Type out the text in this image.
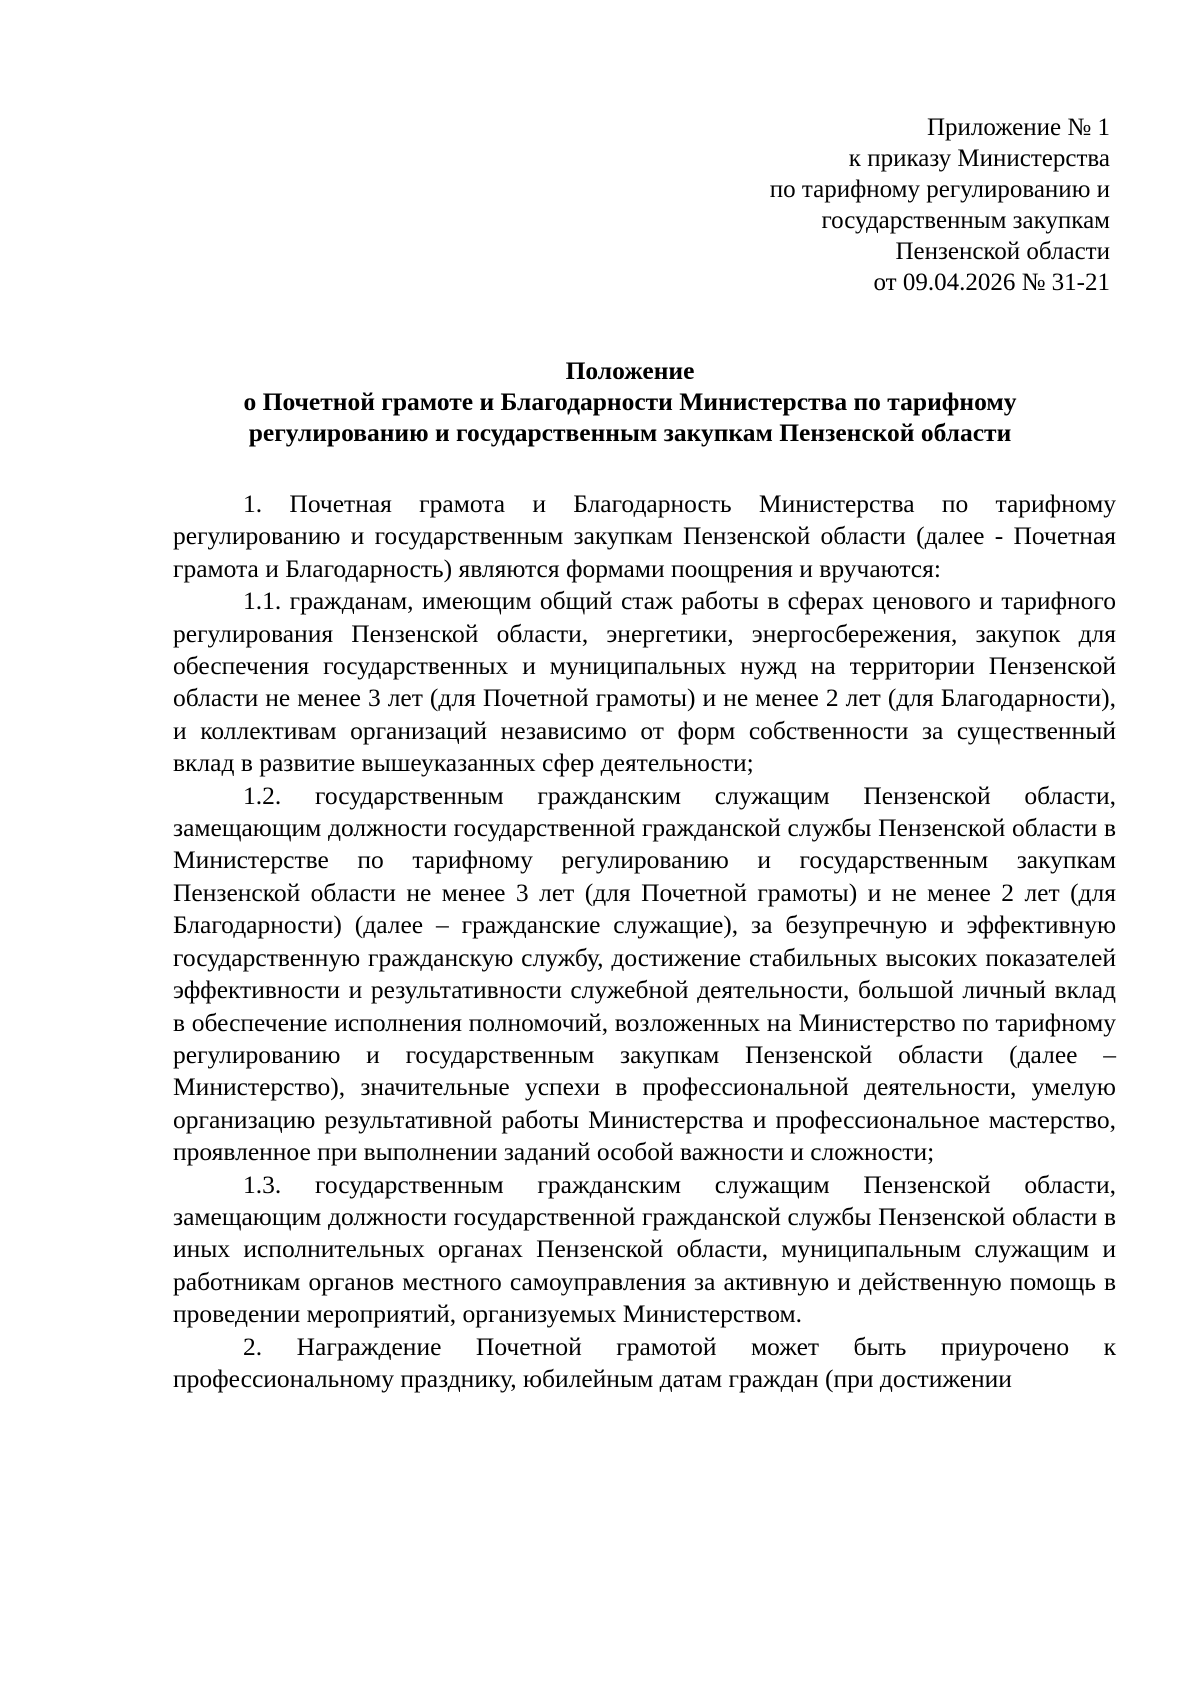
Приложение № 1
к приказу Министерства
по тарифному регулированию и
государственным закупкам
Пензенской области
от 09.04.2026 № 31-21
Положение
о Почетной грамоте и Благодарности Министерства по тарифному
регулированию и государственным закупкам Пензенской области

1. Почетная грамота и Благодарность Министерства по тарифному регулированию и государственным закупкам Пензенской области (далее - Почетная грамота и Благодарность) являются формами поощрения и вручаются:

1.1. гражданам, имеющим общий стаж работы в сферах ценового и тарифного регулирования Пензенской области, энергетики, энергосбережения, закупок для обеспечения государственных и муниципальных нужд на территории Пензенской области не менее 3 лет (для Почетной грамоты) и не менее 2 лет (для Благодарности), и коллективам организаций независимо от форм собственности за существенный вклад в развитие вышеуказанных сфер деятельности;

1.2. государственным гражданским служащим Пензенской области, замещающим должности государственной гражданской службы Пензенской области в Министерстве по тарифному регулированию и государственным закупкам Пензенской области не менее 3 лет (для Почетной грамоты) и не менее 2 лет (для Благодарности) (далее – гражданские служащие), за безупречную и эффективную государственную гражданскую службу, достижение стабильных высоких показателей эффективности и результативности служебной деятельности, большой личный вклад в обеспечение исполнения полномочий, возложенных на Министерство по тарифному регулированию и государственным закупкам Пензенской области (далее – Министерство), значительные успехи в профессиональной деятельности, умелую организацию результативной работы Министерства и профессиональное мастерство, проявленное при выполнении заданий особой важности и сложности;

1.3. государственным гражданским служащим Пензенской области, замещающим должности государственной гражданской службы Пензенской области в иных исполнительных органах Пензенской области, муниципальным служащим и работникам органов местного самоуправления за активную и действенную помощь в проведении мероприятий, организуемых Министерством.

2. Награждение Почетной грамотой может быть приурочено к профессиональному празднику, юбилейным датам граждан (при достижении
